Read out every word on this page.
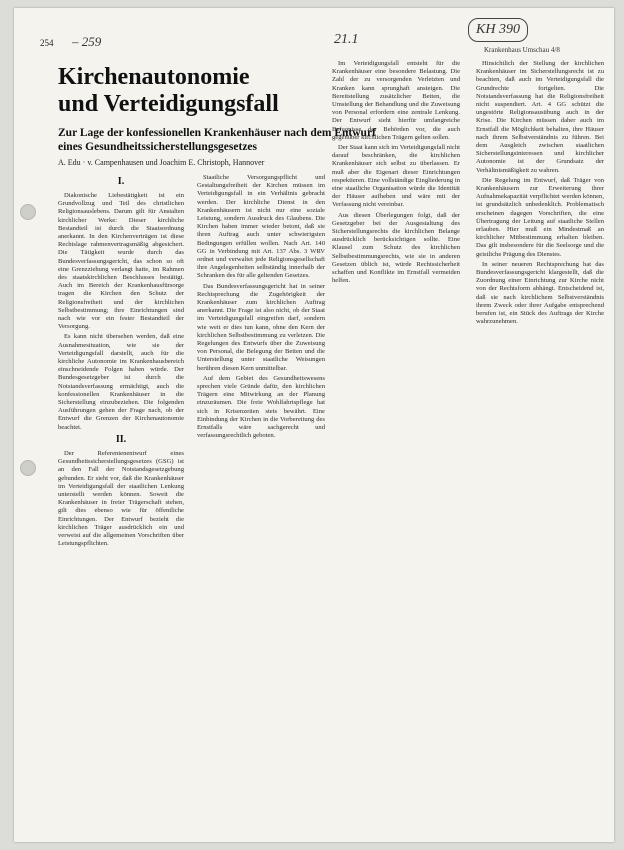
254 – 259	21.1
KH 390
Krankenhaus Umschau 4/8
Kirchenautonomie
und Verteidigungsfall
Zur Lage der konfessionellen Krankenhäuser nach dem Entwurf eines Gesundheitssicherstellungsgesetzes
A. Edu · v. Campenhausen und Joachim E. Christoph, Hannover
I.

Diakonische Liebestätigkeit ist ein Grundvollzug und Teil des christlichen Religionsauslebens. Darum gilt für Anstalten kirchlicher Werke: Dieser kirchliche Bestandteil ist durch die Staatsordnung anerkannt. In den Kirchenverträgen ist diese Rechtslage rahmenvertragsmäßig abgesichert. Die Tätigkeit wurde durch das Bundesverfassungsgericht, das schon so oft eine Grenzziehung verlangt hatte, im Rahmen des staatskirchlichen Beschlusses bestätigt. Auch im Bereich der Krankenhausfürsorge tragen die Kirchen den Schutz der Religionsfreiheit und der kirchlichen Selbstbestimmung; ihre Einrichtungen sind nach wie vor ein fester Bestandteil der Versorgung.

Es kann nicht übersehen werden, daß eine Ausnahmesituation, wie sie der Verteidigungsfall darstellt, auch für die kirchliche Autonomie im Krankenhausbereich einschneidende Folgen haben würde. Der Bundesgesetzgeber ist durch die Notstandsverfassung ermächtigt, auch die konfessionellen Krankenhäuser in die Sicherstellung einzubeziehen. Die folgenden Ausführungen gehen der Frage nach, ob der Entwurf die Grenzen der Kirchenautonomie beachtet.

II.

Der Referentenentwurf eines Gesundheitssicherstellungsgesetzes (GSG) ist an den Fall der Notstandsgesetzgebung gebunden. Er sieht vor, daß die Krankenhäuser im Verteidigungsfall der staatlichen Lenkung unterstellt werden können. Soweit die Krankenhäuser in freier Trägerschaft stehen, gilt dies ebenso wie für öffentliche Einrichtungen. Der Entwurf bezieht die kirchlichen Träger ausdrücklich ein und verweist auf die allgemeinen Vorschriften über Leistungspflichten.

Staatliche Versorgungspflicht und Gestaltungsfreiheit der Kirchen müssen im Verteidigungsfall in ein Verhältnis gebracht werden. Der kirchliche Dienst in den Krankenhäusern ist nicht nur eine soziale Leistung, sondern Ausdruck des Glaubens. Die Kirchen haben immer wieder betont, daß sie ihren Auftrag auch unter schwierigsten Bedingungen erfüllen wollen. Nach Art. 140 GG in Verbindung mit Art. 137 Abs. 3 WRV ordnet und verwaltet jede Religionsgesellschaft ihre Angelegenheiten selbständig innerhalb der Schranken des für alle geltenden Gesetzes.

Das Bundesverfassungsgericht hat in seiner Rechtsprechung die Zugehörigkeit der Krankenhäuser zum kirchlichen Auftrag anerkannt. Die Frage ist also nicht, ob der Staat im Verteidigungsfall eingreifen darf, sondern wie weit er dies tun kann, ohne den Kern der kirchlichen Selbstbestimmung zu verletzen. Die Regelungen des Entwurfs über die Zuweisung von Personal, die Belegung der Betten und die Unterstellung unter staatliche Weisungen berühren diesen Kern unmittelbar.

Auf dem Gebiet des Gesundheitswesens sprechen viele Gründe dafür, den kirchlichen Trägern eine Mitwirkung an der Planung einzuräumen. Die freie Wohlfahrtspflege hat sich in Krisenzeiten stets bewährt. Eine Einbindung der Kirchen in die Vorbereitung des Ernstfalls wäre sachgerecht und verfassungsrechtlich geboten.

Im Verteidigungsfall entsteht für die Krankenhäuser eine besondere Belastung. Die Zahl der zu versorgenden Verletzten und Kranken kann sprunghaft ansteigen. Die Bereitstellung zusätzlicher Betten, die Umstellung der Behandlung und die Zuweisung von Personal erfordern eine zentrale Lenkung. Der Entwurf sieht hierfür umfangreiche Befugnisse der Behörden vor, die auch gegenüber kirchlichen Trägern gelten sollen.

Der Staat kann sich im Verteidigungsfall nicht darauf beschränken, die kirchlichen Krankenhäuser sich selbst zu überlassen. Er muß aber die Eigenart dieser Einrichtungen respektieren. Eine vollständige Eingliederung in eine staatliche Organisation würde die Identität der Häuser aufheben und wäre mit der Verfassung nicht vereinbar.

Aus diesen Überlegungen folgt, daß der Gesetzgeber bei der Ausgestaltung des Sicherstellungsrechts die kirchlichen Belange ausdrücklich berücksichtigen sollte. Eine Klausel zum Schutz des kirchlichen Selbstbestimmungsrechts, wie sie in anderen Gesetzen üblich ist, würde Rechtssicherheit schaffen und Konflikte im Ernstfall vermeiden helfen.

Hinsichtlich der Stellung der kirchlichen Krankenhäuser im Sicherstellungsrecht ist zu beachten, daß auch im Verteidigungsfall die Grundrechte fortgelten. Die Notstandsverfassung hat die Religionsfreiheit nicht suspendiert. Art. 4 GG schützt die ungestörte Religionsausübung auch in der Krise. Die Kirchen müssen daher auch im Ernstfall die Möglichkeit behalten, ihre Häuser nach ihrem Selbstverständnis zu führen. Bei dem Ausgleich zwischen staatlichen Sicherstellungsinteressen und kirchlicher Autonomie ist der Grundsatz der Verhältnismäßigkeit zu wahren.

Die Regelung im Entwurf, daß Träger von Krankenhäusern zur Erweiterung ihrer Aufnahmekapazität verpflichtet werden können, ist grundsätzlich unbedenklich. Problematisch erscheinen dagegen Vorschriften, die eine Übertragung der Leitung auf staatliche Stellen erlauben. Hier muß ein Mindestmaß an kirchlicher Mitbestimmung erhalten bleiben. Das gilt insbesondere für die Seelsorge und die geistliche Prägung des Dienstes.

In seiner neueren Rechtsprechung hat das Bundesverfassungsgericht klargestellt, daß die Zuordnung einer Einrichtung zur Kirche nicht von der Rechtsform abhängt. Entscheidend ist, daß sie nach kirchlichem Selbstverständnis ihrem Zweck oder ihrer Aufgabe entsprechend berufen ist, ein Stück des Auftrags der Kirche wahrzunehmen.
